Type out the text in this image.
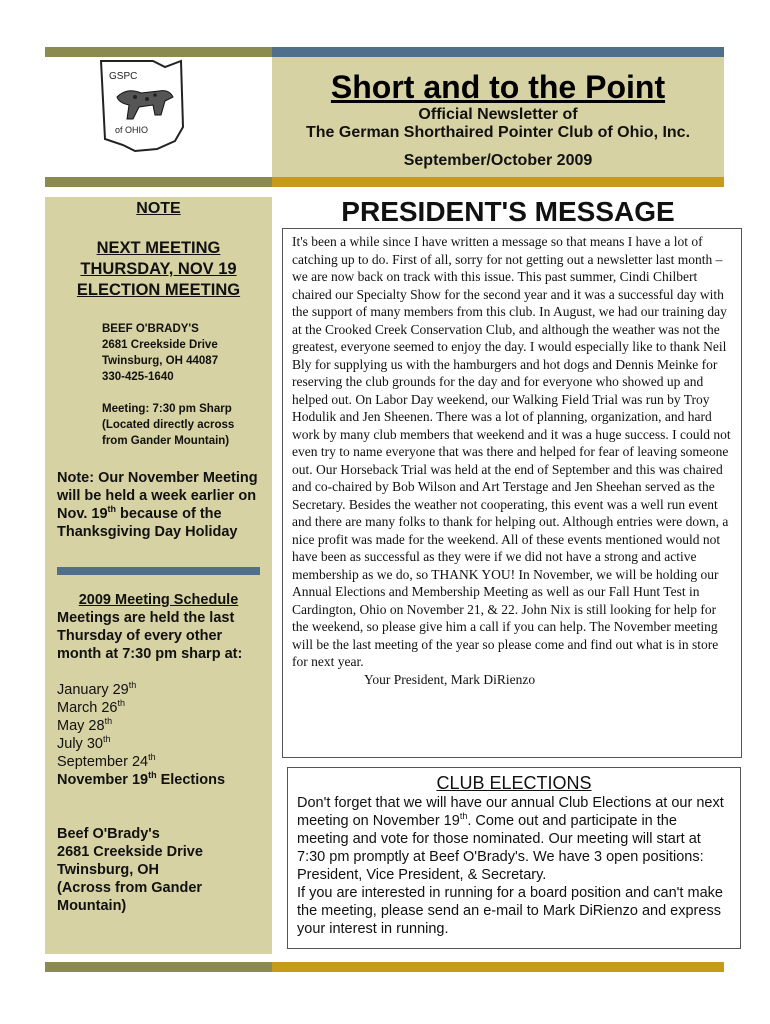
GSPC
of OHIO
Short and to the Point
Official Newsletter of
The German Shorthaired Pointer Club of Ohio, Inc.
September/October 2009
NOTE
NEXT MEETING
THURSDAY, NOV 19
ELECTION MEETING
BEEF O'BRADY'S
2681 Creekside Drive
Twinsburg, OH 44087
330-425-1640
Meeting: 7:30 pm Sharp
(Located directly across
from Gander Mountain)
Note: Our November Meeting will be held a week earlier on Nov. 19th because of the Thanksgiving Day Holiday
2009 Meeting Schedule
Meetings are held the last Thursday of every other month at 7:30 pm sharp at:
January 29th
March 26th
May 28th
July 30th
September 24th
November 19th Elections
Beef O'Brady's
2681 Creekside Drive
Twinsburg, OH
(Across from Gander
Mountain)
PRESIDENT'S MESSAGE
It's been a while since I have written a message so that means I have a lot of catching up to do. First of all, sorry for not getting out a newsletter last month – we are now back on track with this issue. This past summer, Cindi Chilbert chaired our Specialty Show for the second year and it was a successful day with the support of many members from this club. In August, we had our training day at the Crooked Creek Conservation Club, and although the weather was not the greatest, everyone seemed to enjoy the day. I would especially like to thank Neil Bly for supplying us with the hamburgers and hot dogs and Dennis Meinke for reserving the club grounds for the day and for everyone who showed up and helped out. On Labor Day weekend, our Walking Field Trial was run by Troy Hodulik and Jen Sheenen. There was a lot of planning, organization, and hard work by many club members that weekend and it was a huge success. I could not even try to name everyone that was there and helped for fear of leaving someone out. Our Horseback Trial was held at the end of September and this was chaired and co-chaired by Bob Wilson and Art Terstage and Jen Sheehan served as the Secretary. Besides the weather not cooperating, this event was a well run event and there are many folks to thank for helping out. Although entries were down, a nice profit was made for the weekend. All of these events mentioned would not have been as successful as they were if we did not have a strong and active membership as we do, so THANK YOU! In November, we will be holding our Annual Elections and Membership Meeting as well as our Fall Hunt Test in Cardington, Ohio on November 21, & 22. John Nix is still looking for help for the weekend, so please give him a call if you can help. The November meeting will be the last meeting of the year so please come and find out what is in store for next year.
Your President, Mark DiRienzo
CLUB ELECTIONS
Don't forget that we will have our annual Club Elections at our next meeting on November 19th. Come out and participate in the meeting and vote for those nominated. Our meeting will start at 7:30 pm promptly at Beef O'Brady's. We have 3 open positions: President, Vice President, & Secretary.
If you are interested in running for a board position and can't make the meeting, please send an e-mail to Mark DiRienzo and express your interest in running.
